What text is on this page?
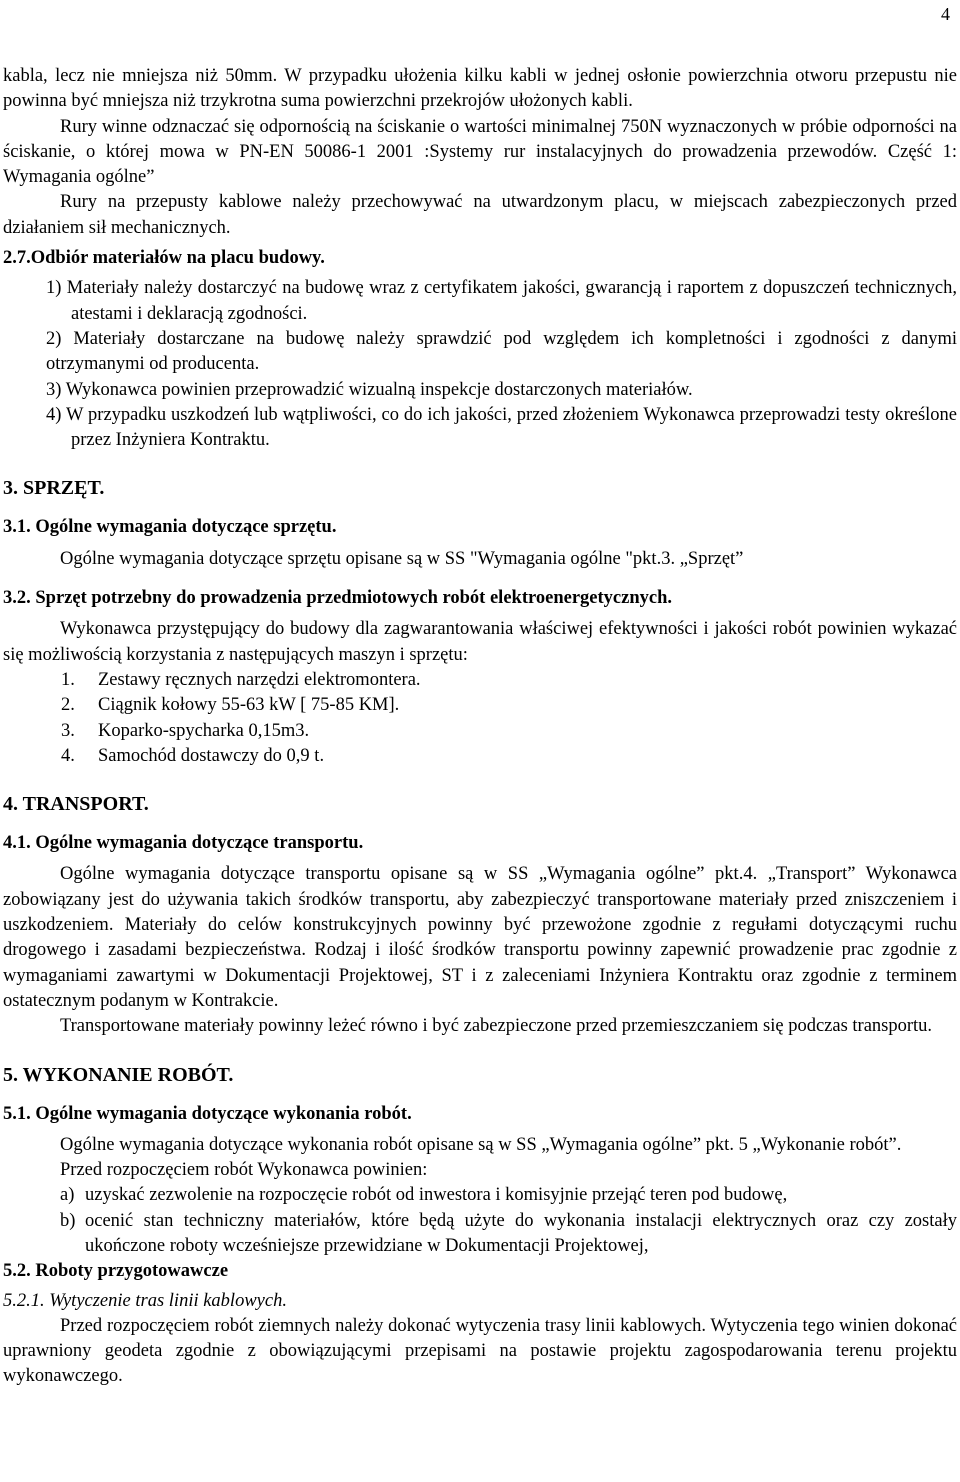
4

kabla, lecz nie mniejsza niż 50mm. W przypadku ułożenia kilku kabli w jednej osłonie powierzchnia otworu przepustu nie powinna być mniejsza niż trzykrotna suma powierzchni przekrojów ułożonych kabli.

Rury winne odznaczać się odpornością na ściskanie o wartości minimalnej 750N wyznaczonych w próbie odporności na ściskanie, o której mowa w PN-EN 50086-1 2001 :Systemy rur instalacyjnych do prowadzenia przewodów. Część 1: Wymagania ogólne”

Rury na przepusty kablowe należy przechowywać na utwardzonym placu, w miejscach zabezpieczonych przed działaniem sił mechanicznych.

2.7.Odbiór materiałów na placu budowy.

1) Materiały należy dostarczyć na budowę wraz z certyfikatem jakości, gwarancją i raportem z dopuszczeń technicznych, atestami i deklaracją zgodności.

2) Materiały dostarczane na budowę należy sprawdzić pod względem ich kompletności i zgodności z danymi otrzymanymi od producenta.

3) Wykonawca powinien przeprowadzić wizualną inspekcje dostarczonych materiałów.

4) W przypadku uszkodzeń lub wątpliwości, co do ich jakości, przed złożeniem Wykonawca przeprowadzi testy określone przez Inżyniera Kontraktu.

3. SPRZĘT.
3.1. Ogólne wymagania dotyczące sprzętu.

Ogólne wymagania dotyczące sprzętu opisane są w SS "Wymagania ogólne "pkt.3. „Sprzęt”

3.2. Sprzęt potrzebny do prowadzenia przedmiotowych robót elektroenergetycznych.

Wykonawca przystępujący do budowy dla zagwarantowania właściwej efektywności i jakości robót powinien wykazać się możliwością korzystania z następujących maszyn i sprzętu:

1. Zestawy ręcznych narzędzi elektromontera.
2. Ciągnik kołowy 55-63 kW [ 75-85 KM].
3. Koparko-spycharka 0,15m3.
4. Samochód dostawczy do 0,9 t.
4. TRANSPORT.
4.1. Ogólne wymagania dotyczące transportu.

Ogólne wymagania dotyczące transportu opisane są w SS „Wymagania ogólne” pkt.4. „Transport” Wykonawca zobowiązany jest do używania takich środków transportu, aby zabezpieczyć transportowane materiały przed zniszczeniem i uszkodzeniem. Materiały do celów konstrukcyjnych powinny być przewożone zgodnie z regułami dotyczącymi ruchu drogowego i zasadami bezpieczeństwa. Rodzaj i ilość środków transportu powinny zapewnić prowadzenie prac zgodnie z wymaganiami zawartymi w Dokumentacji Projektowej, ST i z zaleceniami Inżyniera Kontraktu oraz zgodnie z terminem ostatecznym podanym w Kontrakcie.

Transportowane materiały powinny leżeć równo i być zabezpieczone przed przemieszczaniem się podczas transportu.

5. WYKONANIE ROBÓT.
5.1. Ogólne wymagania dotyczące wykonania robót.

Ogólne wymagania dotyczące wykonania robót opisane są w SS „Wymagania ogólne” pkt. 5 „Wykonanie robót”.

Przed rozpoczęciem robót Wykonawca powinien:

a) uzyskać zezwolenie na rozpoczęcie robót od inwestora i komisyjnie przejąć teren pod budowę,
b) ocenić stan techniczny materiałów, które będą użyte do wykonania instalacji elektrycznych oraz czy zostały ukończone roboty wcześniejsze przewidziane w Dokumentacji Projektowej,
5.2. Roboty przygotowawcze

5.2.1. Wytyczenie tras linii kablowych.

Przed rozpoczęciem robót ziemnych należy dokonać wytyczenia trasy linii kablowych. Wytyczenia tego winien dokonać uprawniony geodeta zgodnie z obowiązującymi przepisami na postawie projektu zagospodarowania terenu projektu wykonawczego.
